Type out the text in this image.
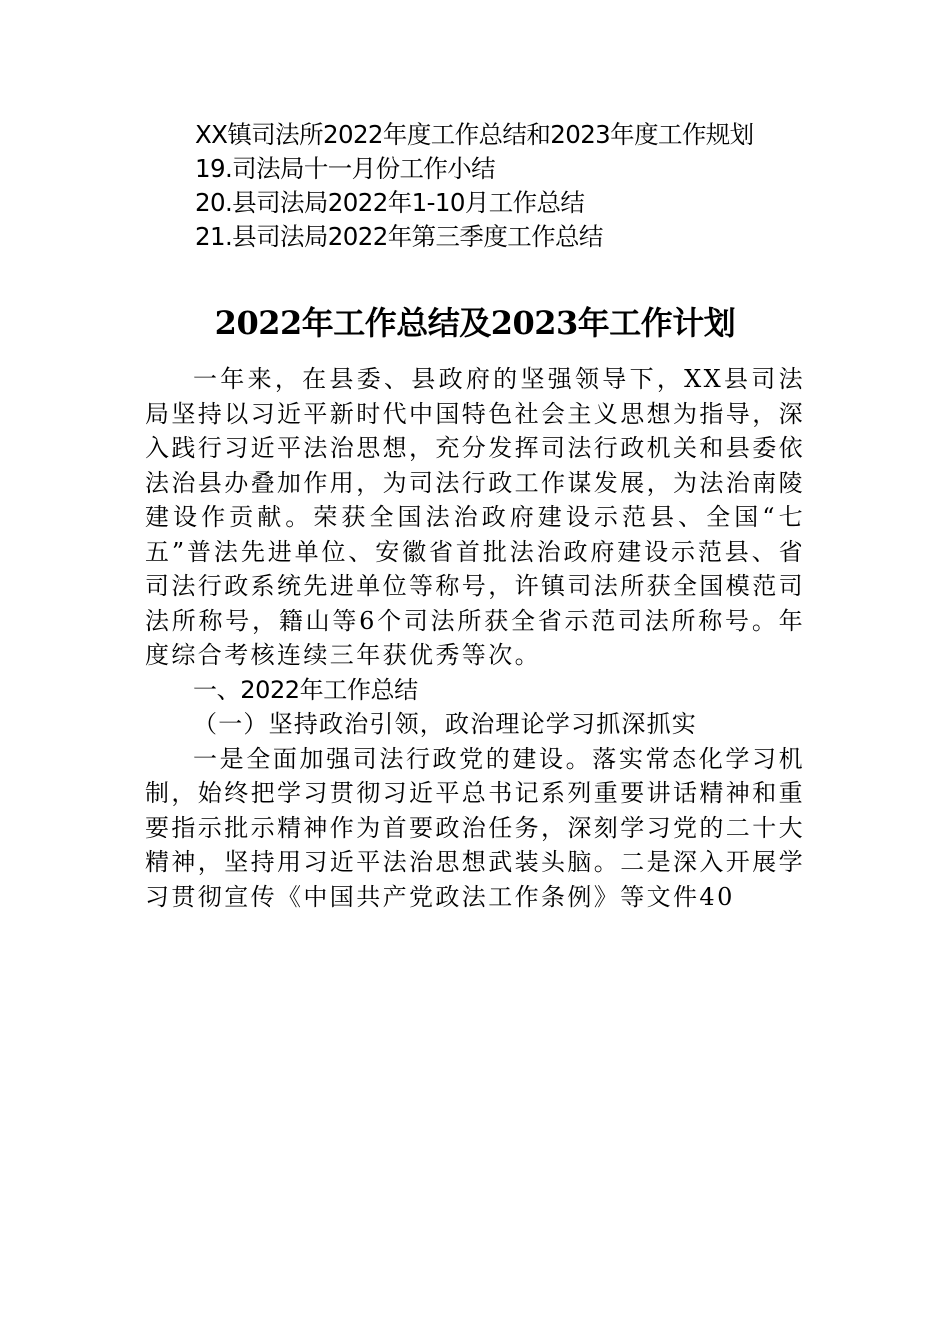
XX镇司法所2022年度工作总结和2023年度工作规划
19.司法局十一月份工作小结
20.县司法局2022年1-10月工作总结
21.县司法局2022年第三季度工作总结
2022年工作总结及2023年工作计划
一年来，在县委、县政府的坚强领导下，XX县司法局坚持以习近平新时代中国特色社会主义思想为指导，深入践行习近平法治思想，充分发挥司法行政机关和县委依法治县办叠加作用，为司法行政工作谋发展，为法治南陵建设作贡献。荣获全国法治政府建设示范县、全国“七五”普法先进单位、安徽省首批法治政府建设示范县、省司法行政系统先进单位等称号，许镇司法所获全国模范司法所称号，籍山等6个司法所获全省示范司法所称号。年度综合考核连续三年获优秀等次。
一、2022年工作总结
（一）坚持政治引领，政治理论学习抓深抓实
一是全面加强司法行政党的建设。落实常态化学习机制，始终把学习贯彻习近平总书记系列重要讲话精神和重要指示批示精神作为首要政治任务，深刻学习党的二十大精神，坚持用习近平法治思想武装头脑。二是深入开展学习贯彻宣传《中国共产党政法工作条例》等文件40
